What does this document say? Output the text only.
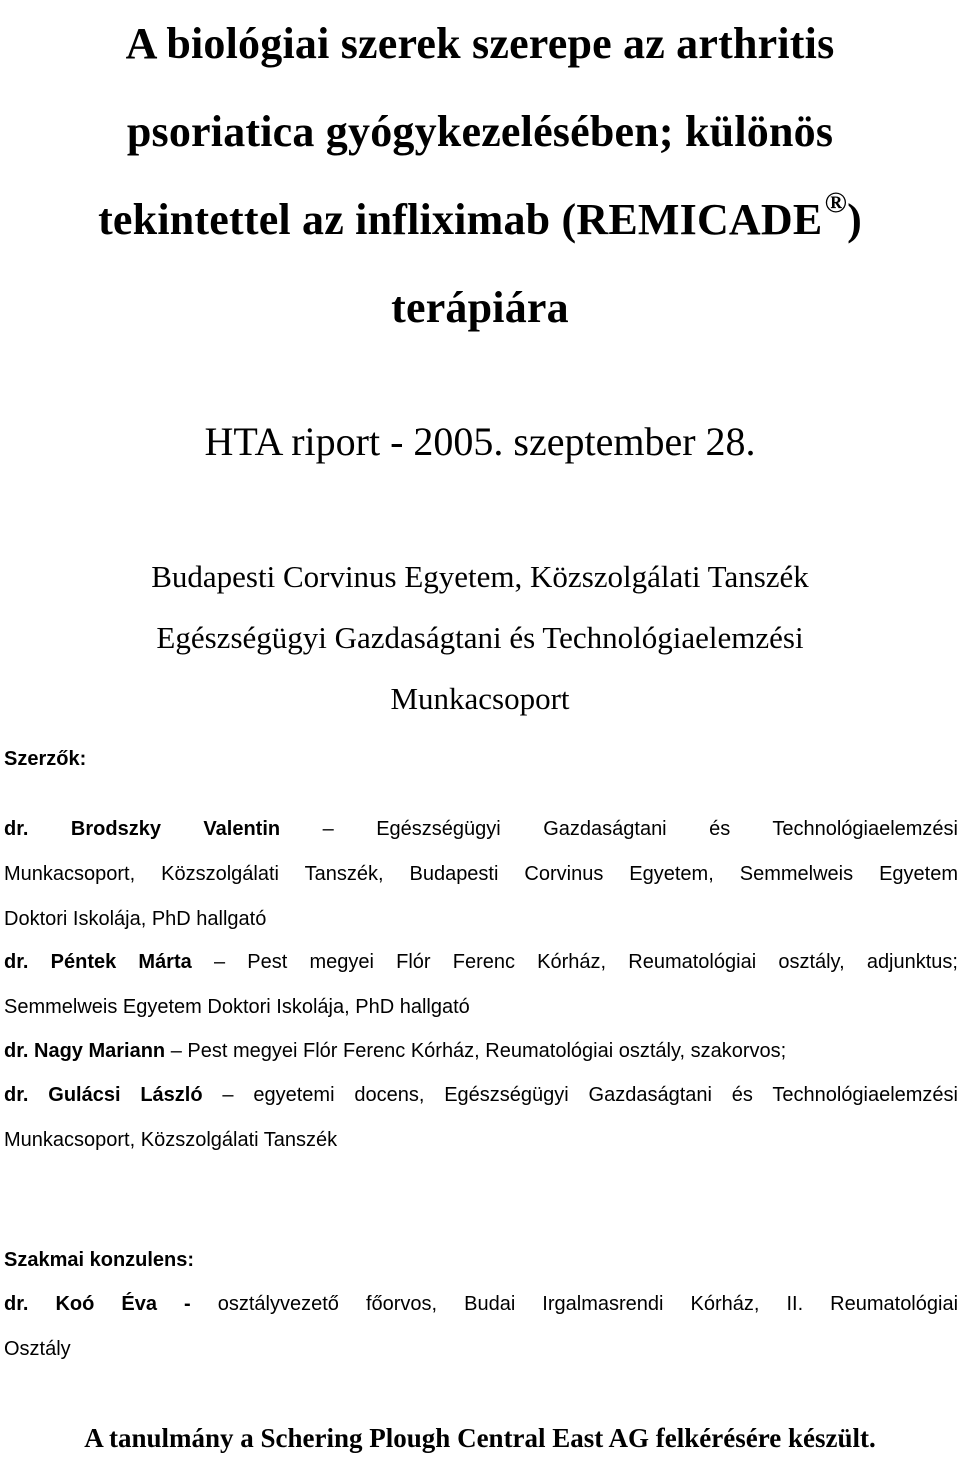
A biológiai szerek szerepe az arthritis
psoriatica gyógykezelésében; különös
tekintettel az infliximab (REMICADE®)
terápiára
HTA riport - 2005. szeptember 28.
Budapesti Corvinus Egyetem, Közszolgálati Tanszék
Egészségügyi Gazdaságtani és Technológiaelemzési
Munkacsoport
Szerzők:
dr. Brodszky Valentin – Egészségügyi Gazdaságtani és Technológiaelemzési
Munkacsoport, Közszolgálati Tanszék, Budapesti Corvinus Egyetem, Semmelweis Egyetem
Doktori Iskolája, PhD hallgató
dr. Péntek Márta – Pest megyei Flór Ferenc Kórház, Reumatológiai osztály, adjunktus;
Semmelweis Egyetem Doktori Iskolája, PhD hallgató
dr. Nagy Mariann – Pest megyei Flór Ferenc Kórház, Reumatológiai osztály, szakorvos;
dr. Gulácsi László – egyetemi docens, Egészségügyi Gazdaságtani és Technológiaelemzési
Munkacsoport, Közszolgálati Tanszék
Szakmai konzulens:
dr. Koó Éva - osztályvezető főorvos, Budai Irgalmasrendi Kórház, II. Reumatológiai
Osztály
A tanulmány a Schering Plough Central East AG felkérésére készült.
